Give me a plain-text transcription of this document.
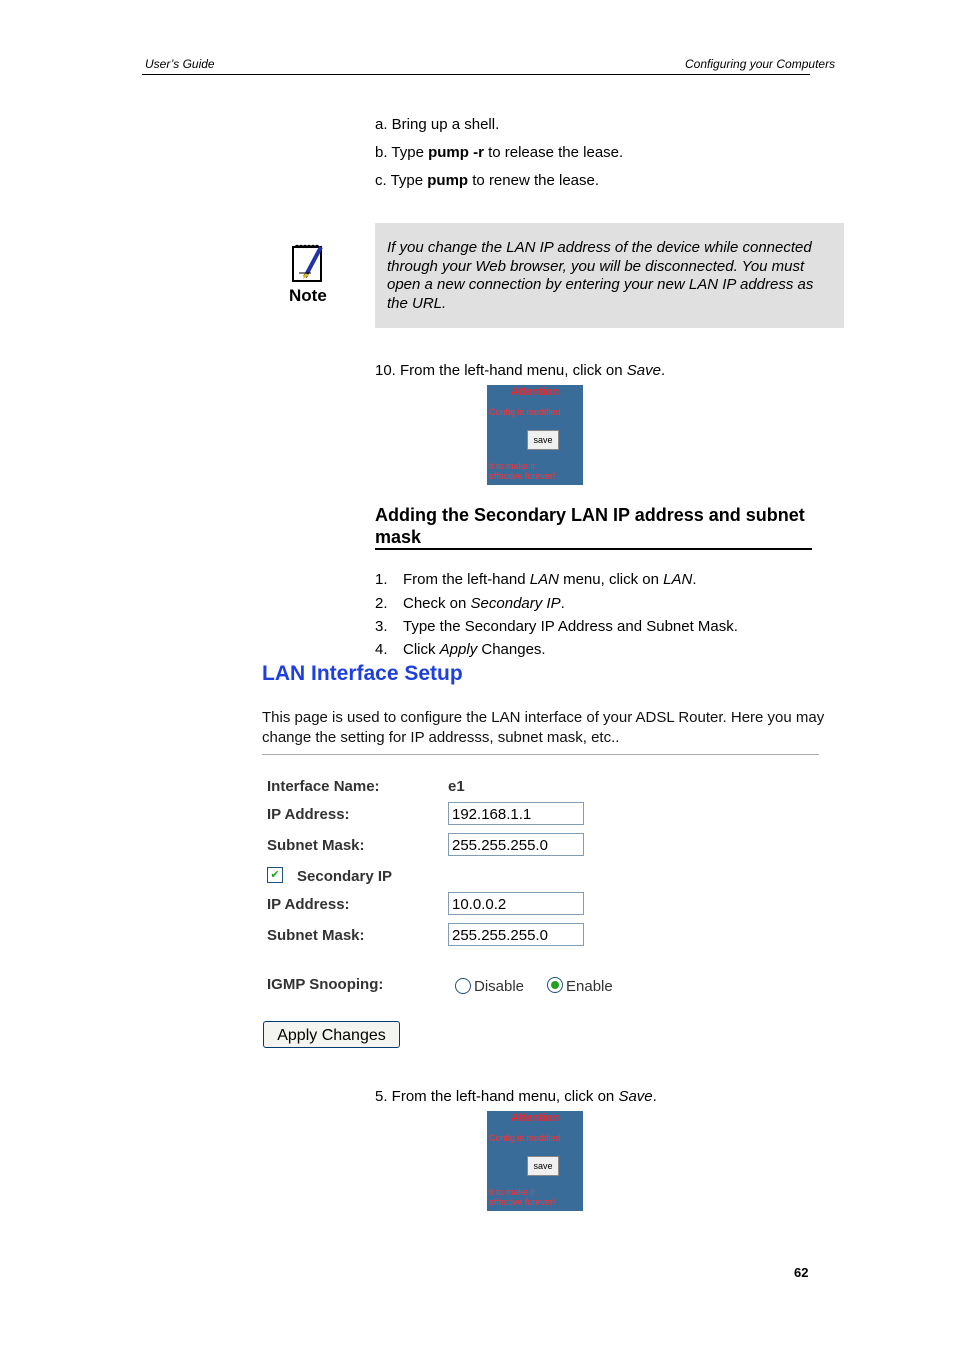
User’s Guide	Configuring your Computers
a. Bring up a shell.
b. Type pump -r to release the lease.
c. Type pump to renew the lease.
Note
If you change the LAN IP address of the device while connected through your Web browser, you will be disconnected. You must open a new connection by entering your new LAN IP address as the URL.
10. From the left-hand menu, click on Save.
Attention
Config is modified
save
it to make it
effective forever!
Adding the Secondary LAN IP address and subnet mask
1. From the left-hand LAN menu, click on LAN.
2. Check on Secondary IP.
3. Type the Secondary IP Address and Subnet Mask.
4. Click Apply Changes.
LAN Interface Setup
This page is used to configure the LAN interface of your ADSL Router. Here you may change the setting for IP addresss, subnet mask, etc..
Interface Name:	e1
IP Address:	192.168.1.1
Subnet Mask:	255.255.255.0
✔ Secondary IP
IP Address:	10.0.0.2
Subnet Mask:	255.255.255.0
IGMP Snooping:	Disable	Enable
Apply Changes
5. From the left-hand menu, click on Save.
Attention
Config is modified
save
it to make it
effective forever!
62
